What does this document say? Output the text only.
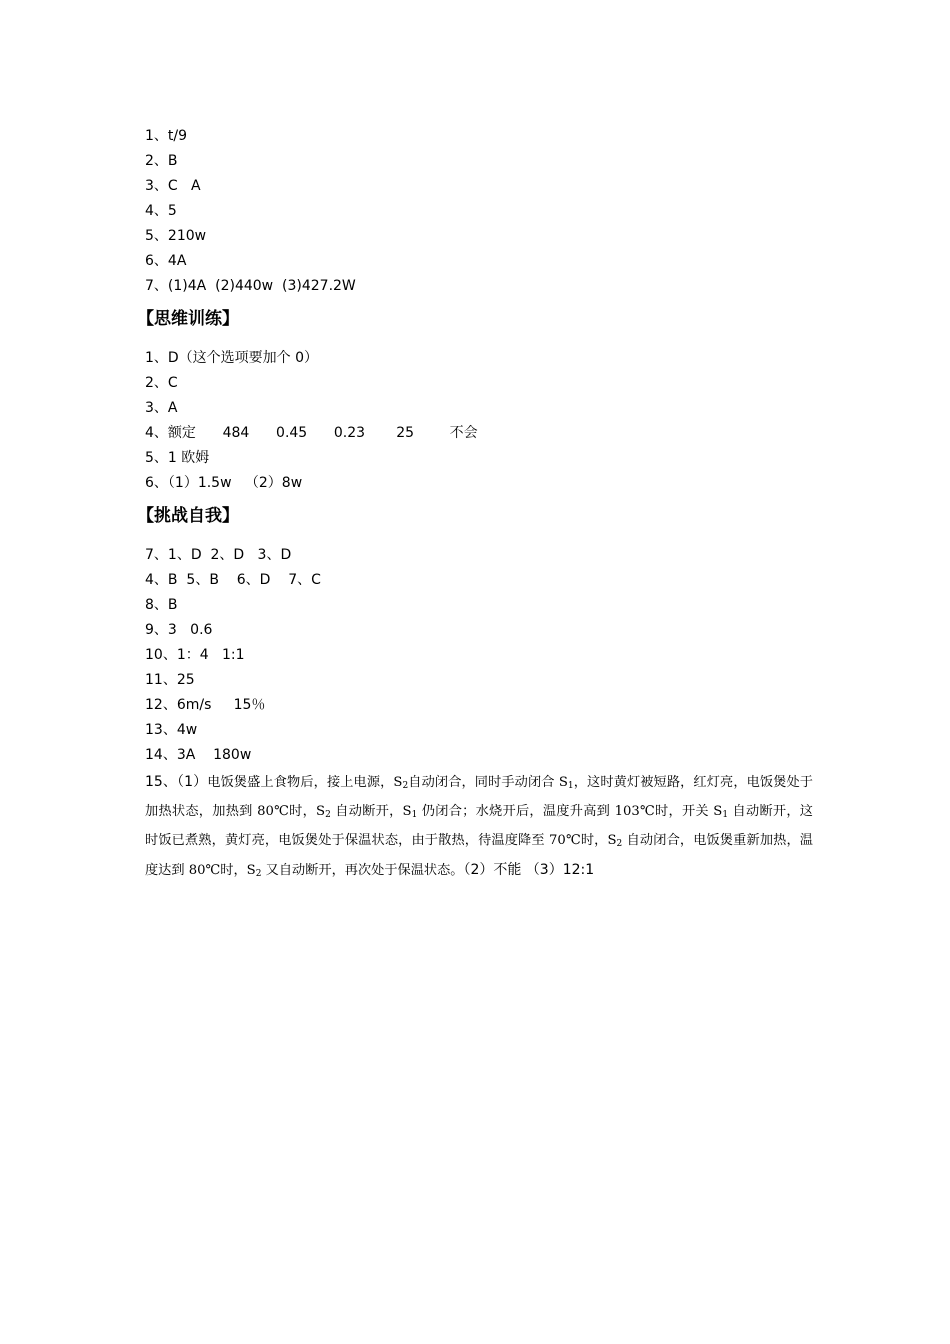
1、t/9
2、B
3、C   A
4、5
5、210w
6、4A
7、(1)4A  (2)440w  (3)427.2W
【思维训练】
1、D（这个选项要加个 0）
2、C
3、A
4、额定      484      0.45      0.23       25        不会
5、1 欧姆
6、（1）1.5w   （2）8w
【挑战自我】
7、1、D  2、D   3、D
4、B  5、B    6、D    7、C
8、B
9、3   0.6
10、1：4   1:1
11、25
12、6m/s     15％
13、4w
14、3A    180w
15、（1）电饭煲盛上食物后，接上电源，$S_2$自动闭合，同时手动闭合 $S_1$，这时黄灯被短路，红灯亮，电饭煲处于加热状态，加热到 80℃时，$S_2$ 自动断开，$S_1$ 仍闭合；水烧开后，温度升高到 103℃时，开关 $S_1$ 自动断开，这时饭已煮熟，黄灯亮，电饭煲处于保温状态，由于散热，待温度降至 70℃时，$S_2$ 自动闭合，电饭煲重新加热，温度达到 80℃时，$S_2$ 又自动断开，再次处于保温状态。（2）不能 （3）12:1
